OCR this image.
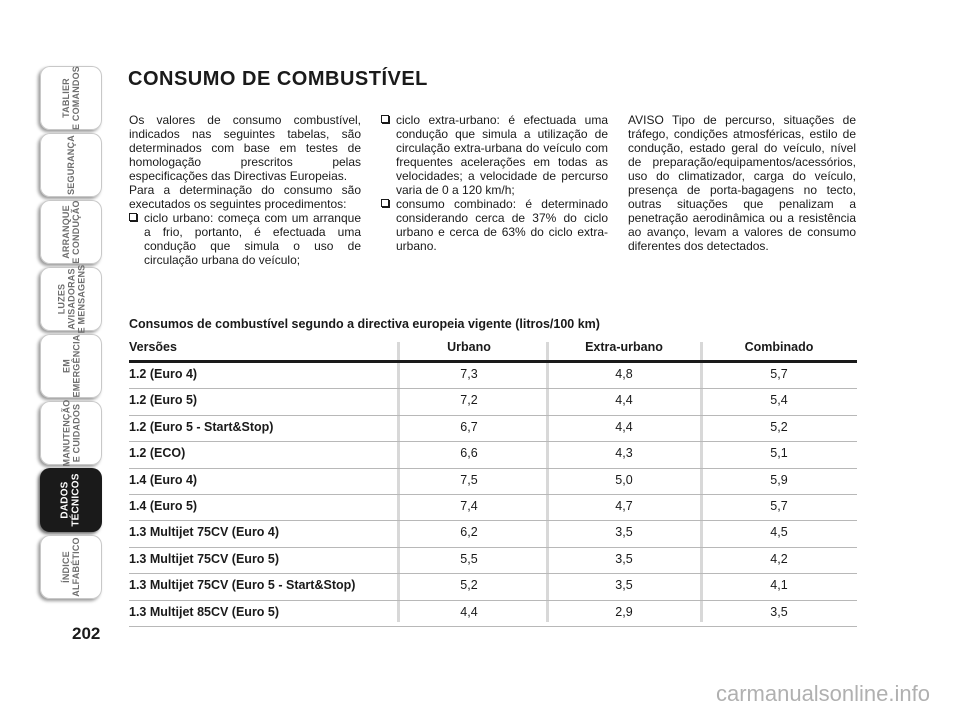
TABLIER
E COMANDOS
SEGURANÇA
ARRANQUE
E CONDUÇÃO
LUZES
AVISADORAS
E MENSAGENS
EM
EMERGÊNCIA
MANUTENÇÃO
E CUIDADOS
DADOS
TÉCNICOS
ÍNDICE
ALFABÉTICO
202
CONSUMO DE COMBUSTÍVEL

Os valores de consumo combustível, indicados nas seguintes tabelas, são determinados com base em testes de homologação prescritos pelas especificações das Directivas Europeias.

Para a determinação do consumo são executados os seguintes procedimentos:

ciclo urbano: começa com um arranque a frio, portanto, é efectuada uma condução que simula o uso de circulação urbana do veículo;

ciclo extra-urbano: é efectuada uma condução que simula a utilização de circulação extra-urbana do veículo com frequentes acelerações em todas as velocidades; a velocidade de percurso varia de 0 a 120 km/h;

consumo combinado: é determinado considerando cerca de 37% do ciclo urbano e cerca de 63% do ciclo extra-urbano.

AVISO Tipo de percurso, situações de tráfego, condições atmosféricas, estilo de condução, estado geral do veículo, nível de preparação/equipamentos/acessórios, uso do climatizador, carga do veículo, presença de porta-bagagens no tecto, outras situações que penalizam a penetração aerodinâmica ou a resistência ao avanço, levam a valores de consumo diferentes dos detectados.

Consumos de combustível segundo a directiva europeia vigente (litros/100 km)
Versões	Urbano	Extra-urbano	Combinado
1.2 (Euro 4)	7,3	4,8	5,7
1.2 (Euro 5)	7,2	4,4	5,4
1.2 (Euro 5 - Start&Stop)	6,7	4,4	5,2
1.2 (ECO)	6,6	4,3	5,1
1.4 (Euro 4)	7,5	5,0	5,9
1.4 (Euro 5)	7,4	4,7	5,7
1.3 Multijet 75CV (Euro 4)	6,2	3,5	4,5
1.3 Multijet 75CV (Euro 5)	5,5	3,5	4,2
1.3 Multijet 75CV (Euro 5 - Start&Stop)	5,2	3,5	4,1
1.3 Multijet 85CV (Euro 5)	4,4	2,9	3,5
carmanualsonline.info
